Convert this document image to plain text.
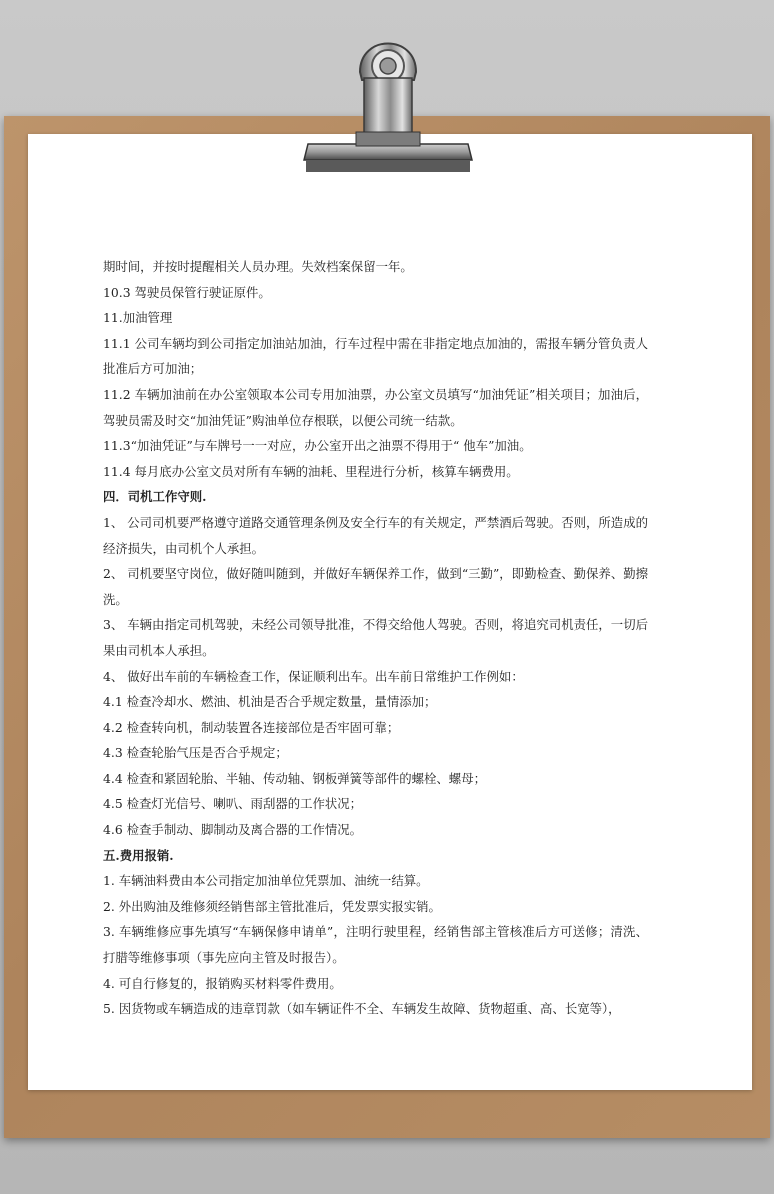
期时间，并按时提醒相关人员办理。失效档案保留一年。

10.3 驾驶员保管行驶证原件。

11.加油管理

11.1 公司车辆均到公司指定加油站加油，行车过程中需在非指定地点加油的，需报车辆分管负责人批准后方可加油；

11.2 车辆加油前在办公室领取本公司专用加油票，办公室文员填写“加油凭证”相关项目；加油后，驾驶员需及时交“加油凭证”购油单位存根联，以便公司统一结款。

11.3“加油凭证”与车牌号一一对应，办公室开出之油票不得用于“ 他车”加油。

11.4 每月底办公室文员对所有车辆的油耗、里程进行分析，核算车辆费用。

四．司机工作守则.

1、 公司司机要严格遵守道路交通管理条例及安全行车的有关规定，严禁酒后驾驶。否则，所造成的经济损失，由司机个人承担。

2、 司机要坚守岗位，做好随叫随到，并做好车辆保养工作，做到“三勤”，即勤检查、勤保养、勤擦洗。

3、 车辆由指定司机驾驶，未经公司领导批准，不得交给他人驾驶。否则，将追究司机责任，一切后果由司机本人承担。

4、 做好出车前的车辆检查工作，保证顺利出车。出车前日常维护工作例如：

4.1 检查冷却水、燃油、机油是否合乎规定数量，量情添加；

4.2 检查转向机，制动装置各连接部位是否牢固可靠；

4.3 检查轮胎气压是否合乎规定；

4.4 检查和紧固轮胎、半轴、传动轴、钢板弹簧等部件的螺栓、螺母；

4.5 检查灯光信号、喇叭、雨刮器的工作状况；

4.6 检查手制动、脚制动及离合器的工作情况。

五.费用报销.

1. 车辆油料费由本公司指定加油单位凭票加、油统一结算。

2. 外出购油及维修须经销售部主管批准后，凭发票实报实销。

3. 车辆维修应事先填写“车辆保修申请单”，注明行驶里程，经销售部主管核准后方可送修；清洗、打腊等维修事项（事先应向主管及时报告）。

4. 可自行修复的，报销购买材料零件费用。

5. 因货物或车辆造成的违章罚款（如车辆证件不全、车辆发生故障、货物超重、高、长宽等），
